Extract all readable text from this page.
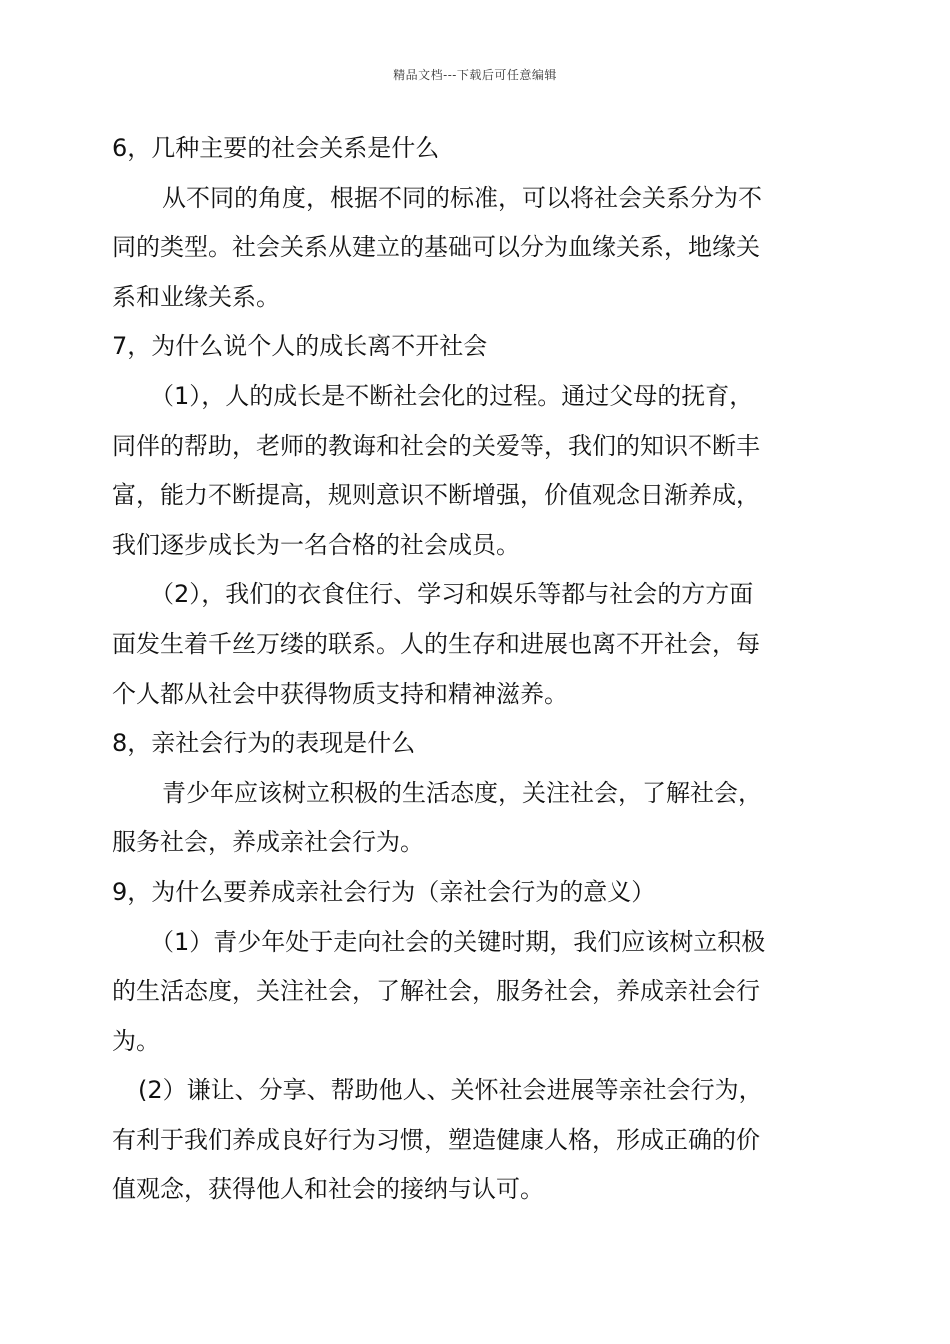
精品文档---下载后可任意编辑
6，几种主要的社会关系是什么
从不同的角度，根据不同的标准，可以将社会关系分为不
同的类型。社会关系从建立的基础可以分为血缘关系，地缘关
系和业缘关系。
7，为什么说个人的成长离不开社会
（1），人的成长是不断社会化的过程。通过父母的抚育，
同伴的帮助，老师的教诲和社会的关爱等，我们的知识不断丰
富，能力不断提高，规则意识不断增强，价值观念日渐养成，
我们逐步成长为一名合格的社会成员。
（2），我们的衣食住行、学习和娱乐等都与社会的方方面
面发生着千丝万缕的联系。人的生存和进展也离不开社会，每
个人都从社会中获得物质支持和精神滋养。
8，亲社会行为的表现是什么
青少年应该树立积极的生活态度，关注社会，了解社会，
服务社会，养成亲社会行为。
9，为什么要养成亲社会行为（亲社会行为的意义）
（1）青少年处于走向社会的关键时期，我们应该树立积极
的生活态度，关注社会，了解社会，服务社会，养成亲社会行
为。
(2）谦让、分享、帮助他人、关怀社会进展等亲社会行为，
有利于我们养成良好行为习惯，塑造健康人格，形成正确的价
值观念，获得他人和社会的接纳与认可。
